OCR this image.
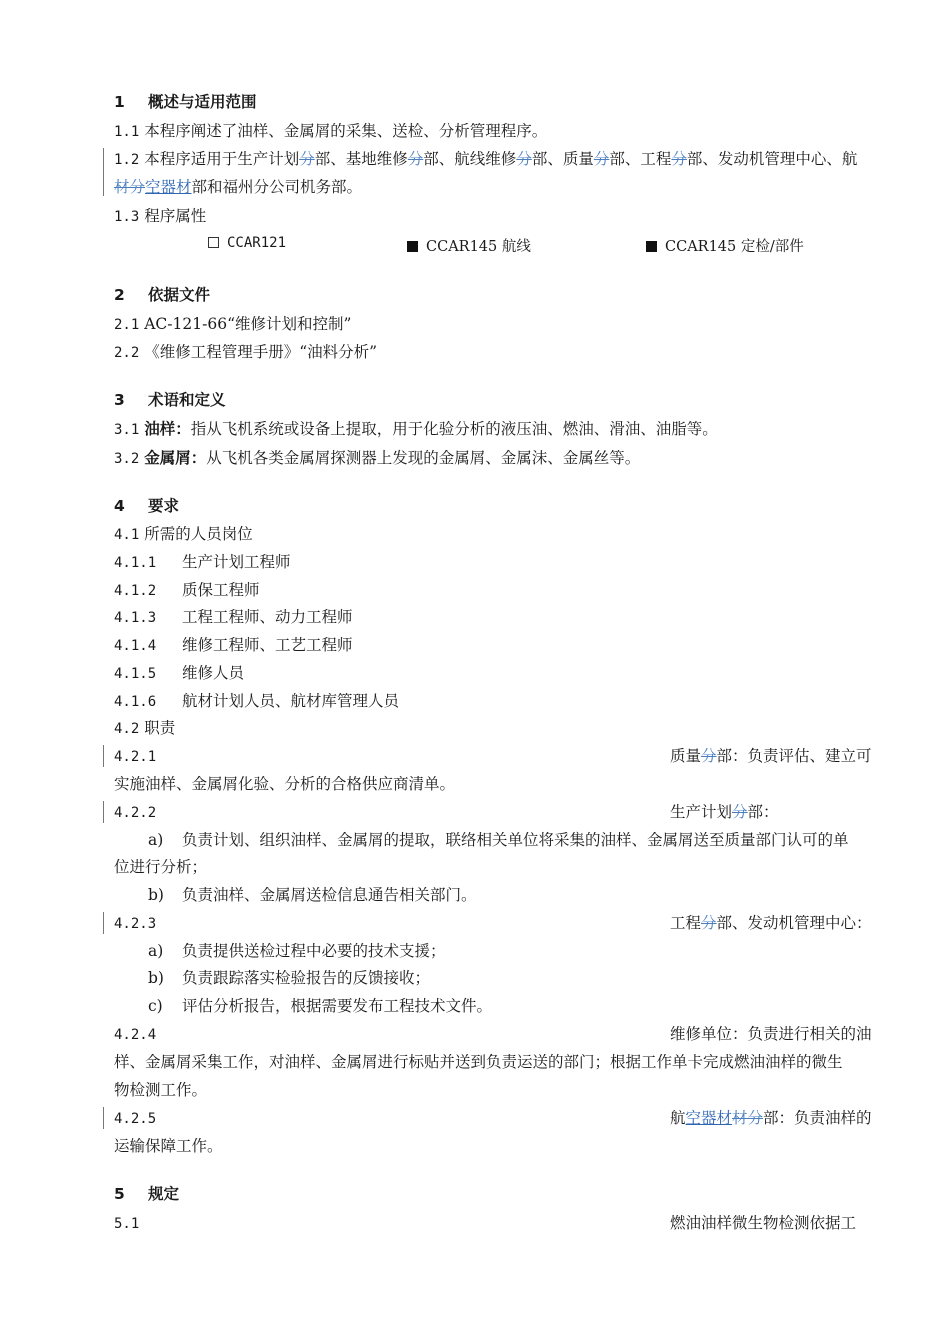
1 概述与适用范围
1.1 本程序阐述了油样、金属屑的采集、送检、分析管理程序。
1.2 本程序适用于生产计划分部、基地维修分部、航线维修分部、质量分部、工程分部、发动机管理中心、航
材分空器材部和福州分公司机务部。
1.3 程序属性
CCAR121	CCAR145 航线	CCAR145 定检/部件
2 依据文件
2.1 AC-121-66“维修计划和控制”
2.2 《维修工程管理手册》“油料分析”
3 术语和定义
3.1 油样：指从飞机系统或设备上提取，用于化验分析的液压油、燃油、滑油、油脂等。
3.2 金属屑：从飞机各类金属屑探测器上发现的金属屑、金属沫、金属丝等。
4 要求
4.1 所需的人员岗位
4.1.1 生产计划工程师
4.1.2 质保工程师
4.1.3 工程工程师、动力工程师
4.1.4 维修工程师、工艺工程师
4.1.5 维修人员
4.1.6 航材计划人员、航材库管理人员
4.2 职责
4.2.1	质量分部：负责评估、建立可
实施油样、金属屑化验、分析的合格供应商清单。
4.2.2	生产计划分部：
a) 负责计划、组织油样、金属屑的提取，联络相关单位将采集的油样、金属屑送至质量部门认可的单
位进行分析；
b) 负责油样、金属屑送检信息通告相关部门。
4.2.3	工程分部、发动机管理中心：
a) 负责提供送检过程中必要的技术支援；
b) 负责跟踪落实检验报告的反馈接收；
c) 评估分析报告，根据需要发布工程技术文件。
4.2.4	维修单位：负责进行相关的油
样、金属屑采集工作，对油样、金属屑进行标贴并送到负责运送的部门；根据工作单卡完成燃油油样的微生
物检测工作。
4.2.5	航空器材材分部：负责油样的
运输保障工作。
5 规定
5.1	燃油油样微生物检测依据工
